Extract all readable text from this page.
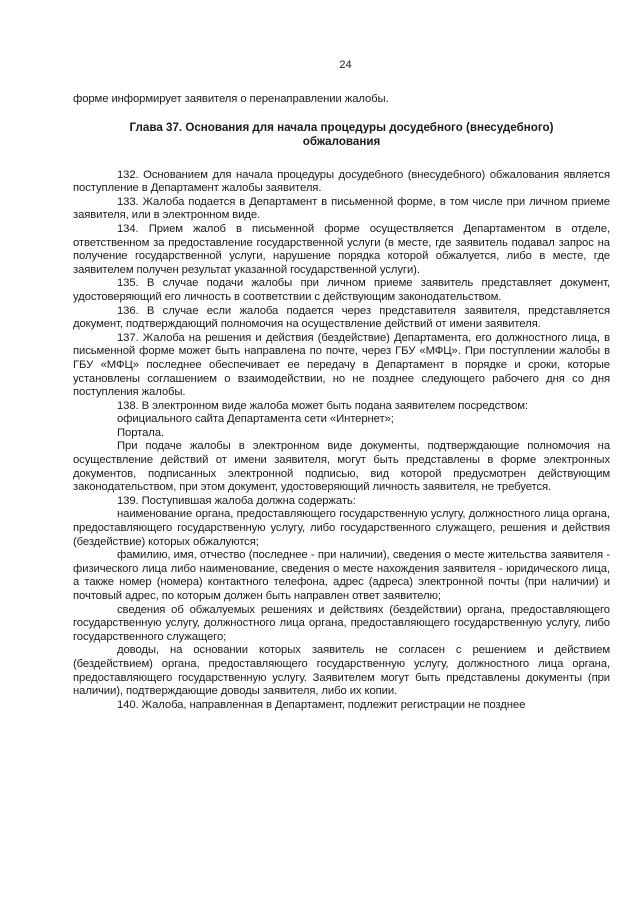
24

форме информирует заявителя о перенаправлении жалобы.

Глава 37. Основания для начала процедуры досудебного (внесудебного) обжалования

132. Основанием для начала процедуры досудебного (внесудебного) обжалования является поступление в Департамент жалобы заявителя.

133. Жалоба подается в Департамент в письменной форме, в том числе при личном приеме заявителя, или в электронном виде.

134. Прием жалоб в письменной форме осуществляется Департаментом в отделе, ответственном за предоставление государственной услуги (в месте, где заявитель подавал запрос на получение государственной услуги, нарушение порядка которой обжалуется, либо в месте, где заявителем получен результат указанной государственной услуги).

135. В случае подачи жалобы при личном приеме заявитель представляет документ, удостоверяющий его личность в соответствии с действующим законодательством.

136. В случае если жалоба подается через представителя заявителя, представляется документ, подтверждающий полномочия на осуществление действий от имени заявителя.

137. Жалоба на решения и действия (бездействие) Департамента, его должностного лица, в письменной форме может быть направлена по почте, через ГБУ «МФЦ». При поступлении жалобы в ГБУ «МФЦ» последнее обеспечивает ее передачу в Департамент в порядке и сроки, которые установлены соглашением о взаимодействии, но не позднее следующего рабочего дня со дня поступления жалобы.

138. В электронном виде жалоба может быть подана заявителем посредством:

официального сайта Департамента сети «Интернет»;

Портала.

При подаче жалобы в электронном виде документы, подтверждающие полномочия на осуществление действий от имени заявителя, могут быть представлены в форме электронных документов, подписанных электронной подписью, вид которой предусмотрен действующим законодательством, при этом документ, удостоверяющий личность заявителя, не требуется.

139. Поступившая жалоба должна содержать:

наименование органа, предоставляющего государственную услугу, должностного лица органа, предоставляющего государственную услугу, либо государственного служащего, решения и действия (бездействие) которых обжалуются;

фамилию, имя, отчество (последнее - при наличии), сведения о месте жительства заявителя - физического лица либо наименование, сведения о месте нахождения заявителя - юридического лица, а также номер (номера) контактного телефона, адрес (адреса) электронной почты (при наличии) и почтовый адрес, по которым должен быть направлен ответ заявителю;

сведения об обжалуемых решениях и действиях (бездействии) органа, предоставляющего государственную услугу, должностного лица органа, предоставляющего государственную услугу, либо государственного служащего;

доводы, на основании которых заявитель не согласен с решением и действием (бездействием) органа, предоставляющего государственную услугу, должностного лица органа, предоставляющего государственную услугу. Заявителем могут быть представлены документы (при наличии), подтверждающие доводы заявителя, либо их копии.

140. Жалоба, направленная в Департамент, подлежит регистрации не позднее
